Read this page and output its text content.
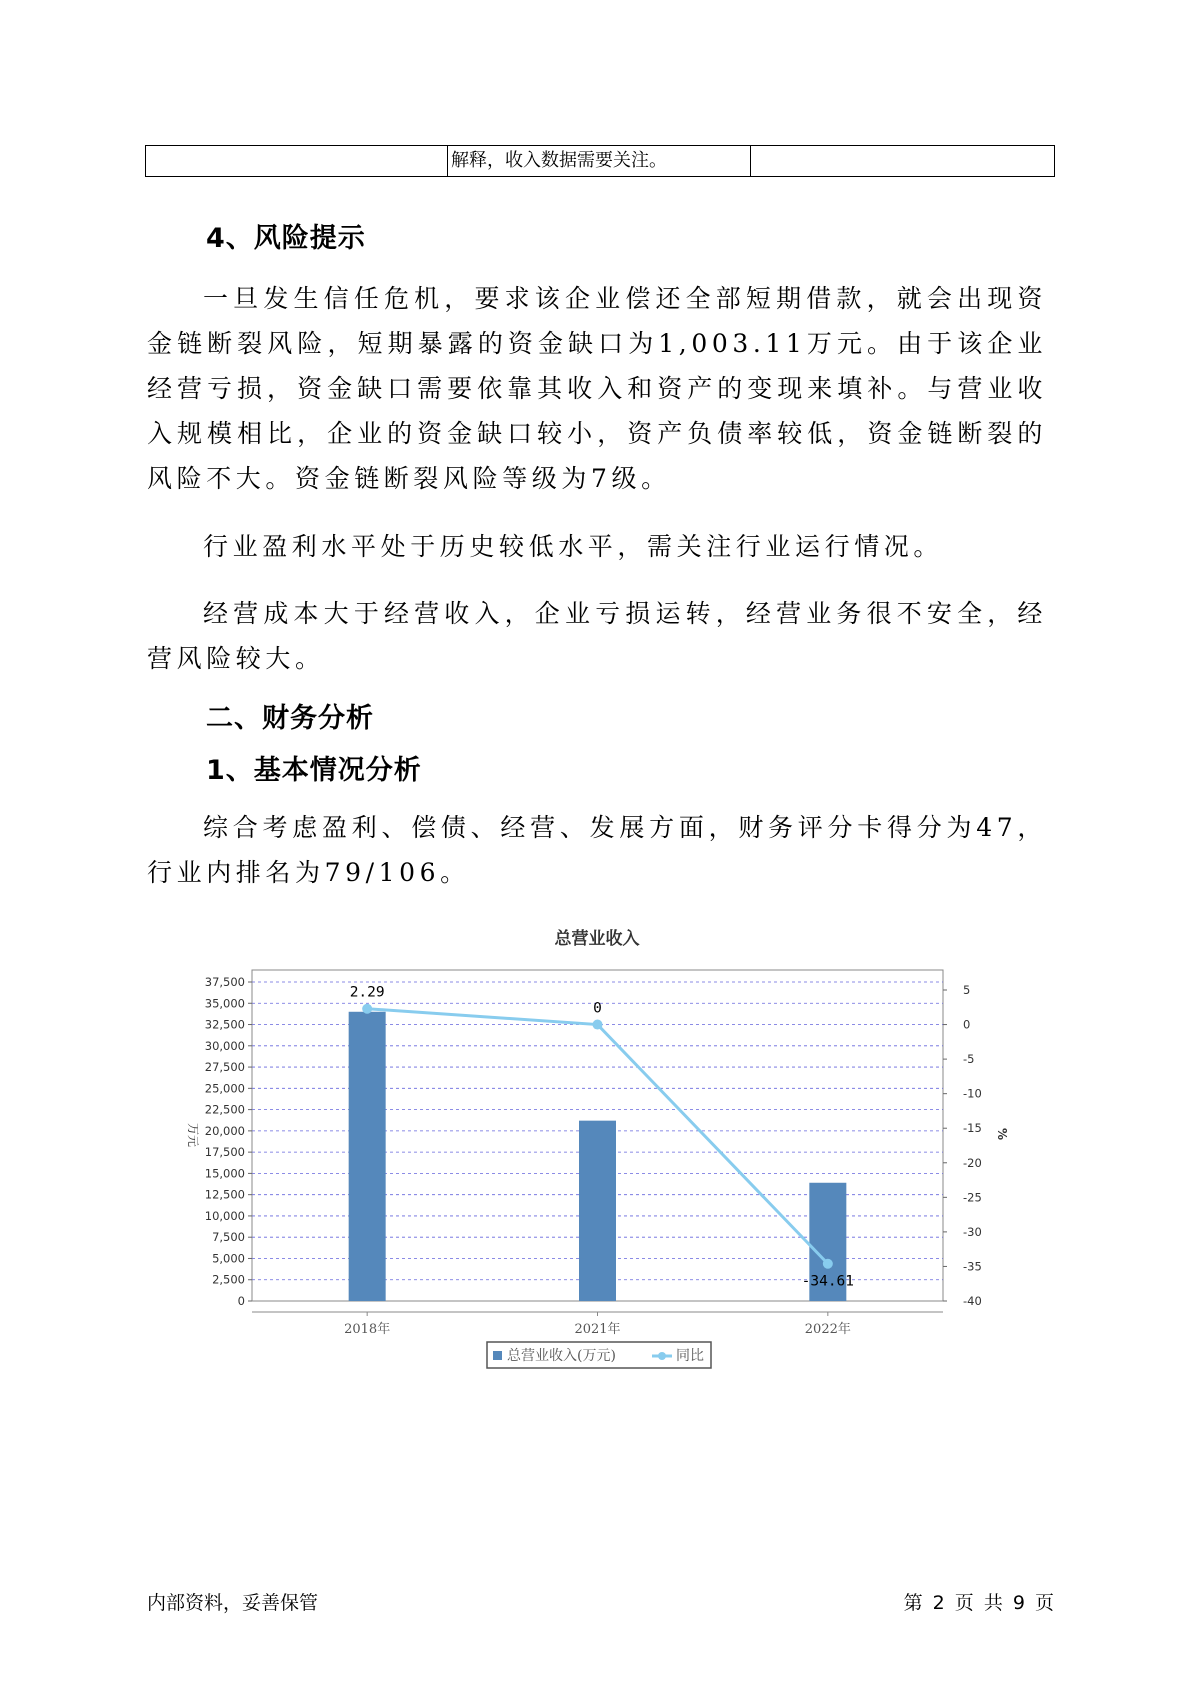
解释，收入数据需要关注。
4、风险提示

一旦发生信任危机，要求该企业偿还全部短期借款，就会出现资金链断裂风险，短期暴露的资金缺口为1,003.11万元。由于该企业经营亏损，资金缺口需要依靠其收入和资产的变现来填补。与营业收入规模相比，企业的资金缺口较小，资产负债率较低，资金链断裂的风险不大。资金链断裂风险等级为7级。

行业盈利水平处于历史较低水平，需关注行业运行情况。

经营成本大于经营收入，企业亏损运转，经营业务很不安全，经营风险较大。

二、财务分析
1、基本情况分析

综合考虑盈利、偿债、经营、发展方面，财务评分卡得分为47，行业内排名为79/106。

总营业收入
0
2,500
5,000
7,500
10,000
12,500
15,000
17,500
20,000
22,500
25,000
27,500
30,000
32,500
35,000
37,500
5
0
-5
-10
-15
-20
-25
-30
-35
-40
万元	%
2018年	2021年	2022年
2.29
0
-34.61
总营业收入(万元)	同比
内部资料，妥善保管	第 2 页 共 9 页
